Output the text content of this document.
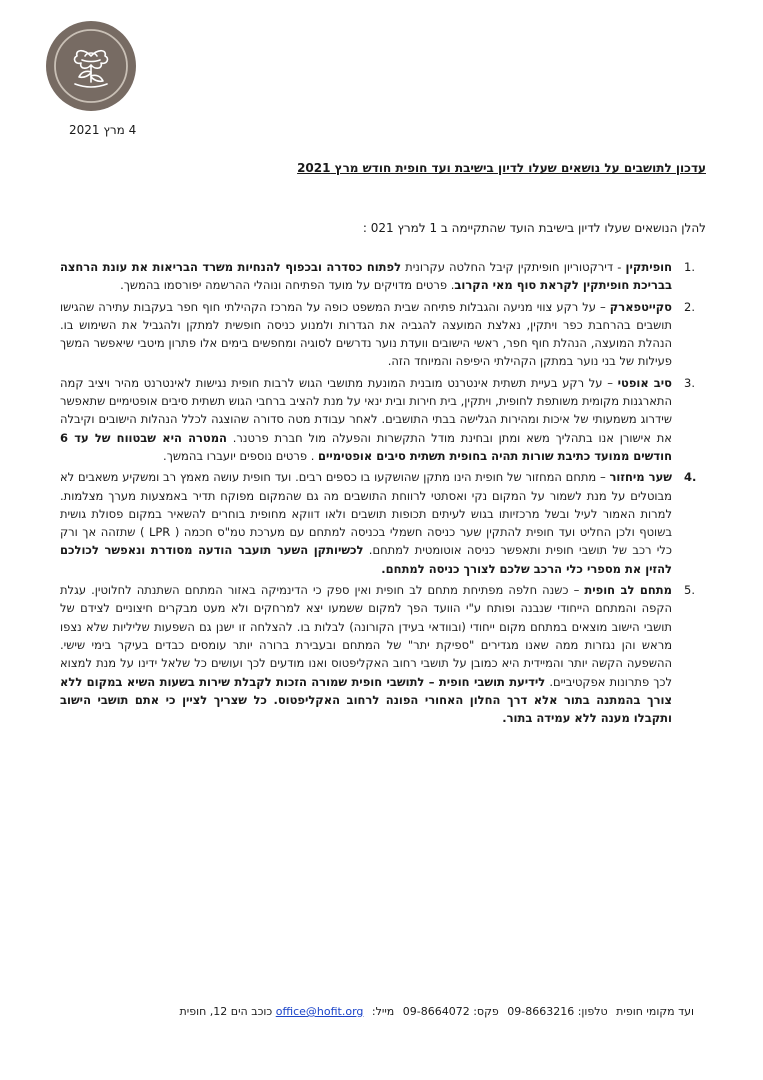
4 מרץ 2021
עדכון לתושבים על נושאים שעלו לדיון בישיבת ועד חופית חודש מרץ 2021
להלן הנושאים שעלו לדיון בישיבת הועד שהתקיימה ב 1 למרץ 021 :
1.
חופיתקין - דירקטוריון חופיתקין קיבל החלטה עקרונית לפתוח כסדרה ובכפוף להנחיות משרד הבריאות את עונת הרחצה בבריכת חופיתקין לקראת סוף מאי הקרוב. פרטים מדויקים על מועד הפתיחה ונוהלי ההרשמה יפורסמו בהמשך.
2.
סקייטפארק – על רקע צווי מניעה והגבלות פתיחה שבית המשפט כופה על המרכז הקהילתי חוף חפר בעקבות עתירה שהגישו תושבים בהרחבת כפר ויתקין, נאלצת המועצה להגביה את הגדרות ולמנוע כניסה חופשית למתקן ולהגביל את השימוש בו. הנהלת המועצה, הנהלת חוף חפר, ראשי הישובים וועדת נוער נדרשים לסוגיה ומחפשים בימים אלו פתרון מיטבי שיאפשר המשך פעילות של בני נוער במתקן הקהילתי היפיפה והמיוחד הזה.
3.
סיב אופטי – על רקע בעיית תשתית אינטרנט מובנית המונעת מתושבי הגוש לרבות חופית נגישות לאינטרנט מהיר ויציב קמה התארגנות מקומית משותפת לחופית, ויתקין, בית חירות ובית ינאי על מנת להציב ברחבי הגוש תשתית סיבים אופטימיים שתאפשר שידרוג משמעותי של איכות ומהירות הגלישה בבתי התושבים. לאחר עבודת מטה סדורה שהוצגה לכלל הנהלות הישובים וקיבלה את אישורן אנו בתהליך משא ומתן ובחינת מודל התקשרות והפעלה מול חברת פרטנר. המטרה היא שבטווח של עד 6 חודשים ממועד כתיבת שורות תהיה בחופית תשתית סיבים אופטימיים . פרטים נוספים יועברו בהמשך.
4.
שער מיחזור – מתחם המחזור של חופית הינו מתקן שהושקעו בו כספים רבים. ועד חופית עושה מאמץ רב ומשקיע משאבים לא מבוטלים על מנת לשמור על המקום נקי ואסתטי לרווחת התושבים מה גם שהמקום מפוקח תדיר באמצעות מערך מצלמות. למרות האמור לעיל ובשל מרכזיותו בגוש לעיתים תכופות תושבים ולאו דווקא מחופית בוחרים להשאיר במקום פסולת גושית בשוטף ולכן החליט ועד חופית להתקין שער כניסה חשמלי בכניסה למתחם עם מערכת טמ"ס חכמה ( LPR ) שתזהה אך ורק כלי רכב של תושבי חופית ותאפשר כניסה אוטומטית למתחם. לכשיותקן השער תועבר הודעה מסודרת ונאפשר לכולכם להזין את מספרי כלי הרכב שלכם לצורך כניסה למתחם.
5.
מתחם לב חופית – כשנה חלפה מפתיחת מתחם לב חופית ואין ספק כי הדינמיקה באזור המתחם השתנתה לחלוטין. עגלת הקפה והמתחם הייחודי שנבנה ופותח ע"י הוועד הפך למקום ששמעו יצא למרחקים ולא מעט מבקרים חיצוניים לצידם של תושבי הישוב מוצאים במתחם מקום ייחודי (ובוודאי בעידן הקורונה) לבלות בו. להצלחה זו ישנן גם השפעות שליליות שלא נצפו מראש והן נגזרות ממה שאנו מגדירים "ספיקת יתר" של המתחם ובעבירת ברורה יותר עומסים כבדים בעיקר בימי שישי. ההשפעה הקשה יותר והמיידית היא כמובן על תושבי רחוב האקליפטוס ואנו מודעים לכך ועושים כל שלאל ידינו על מנת למצוא לכך פתרונות אפקטיביים. לידיעת תושבי חופית – לתושבי חופית שמורה הזכות לקבלת שירות בשעות השיא במקום ללא צורך בהמתנה בתור אלא דרך החלון האחורי הפונה לרחוב האקליפטוס. כל שצריך לציין כי אתם תושבי הישוב ותקבלו מענה ללא עמידה בתור.
ועד מקומי חופית טלפון: 09-8663216 פקס: 09-8664072 מייל: office@hofit.org כוכב הים 12, חופית
